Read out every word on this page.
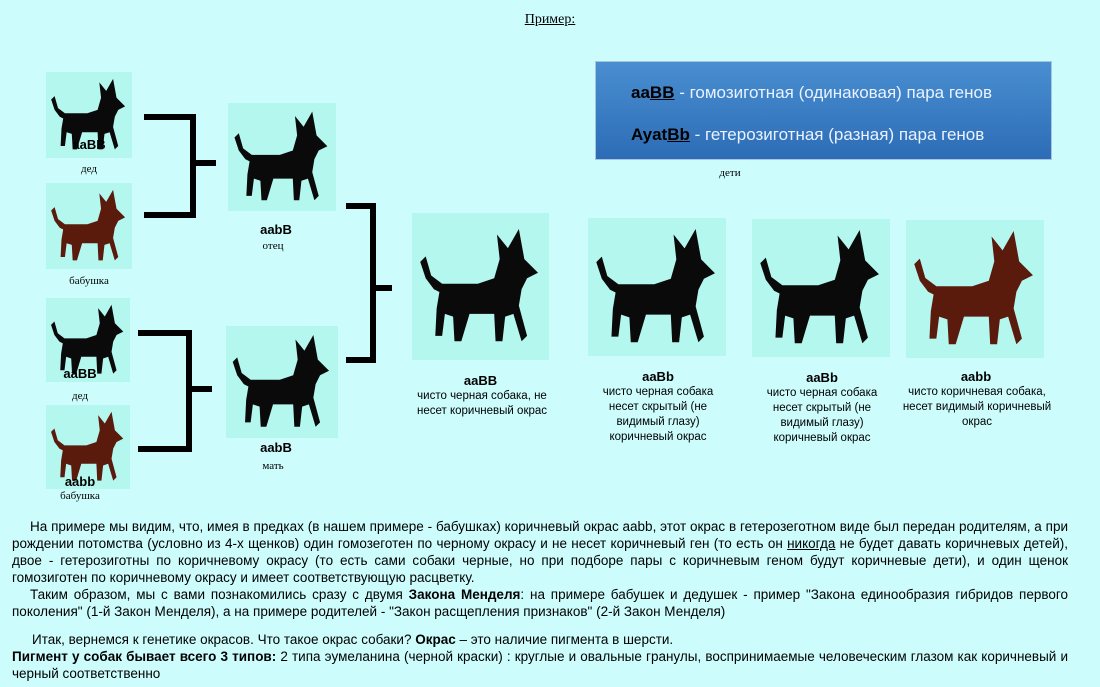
Пример:
aaBB - гомозиготная (одинаковая) пара генов
AyatBb - гетерозиготная (разная) пара генов
дети
aaBB
дед
бабушка
aabB
отец
aaBB
дед
aabb
бабушка
aabB
мать
aaBB
чисто черная собака, не несет коричневый окрас
aaBb
чисто черная собака несет скрытый (не видимый глазу) коричневый окрас
aaBb
чисто черная собака несет скрытый (не видимый глазу) коричневый окрас
aabb
чисто коричневая собака, несет видимый коричневый окрас
На примере мы видим, что, имея в предках (в нашем примере - бабушках) коричневый окрас aabb, этот окрас в гетерозеготном виде был передан родителям, а при рождении потомства (условно из 4-х щенков) один гомозеготен по черному окрасу и не несет коричневый ген (то есть он никогда не будет давать коричневых детей), двое - гетерозиготны по коричневому окрасу (то есть сами собаки черные, но при подборе пары с коричневым геном будут коричневые дети), и один щенок гомозиготен по коричневому окрасу и имеет соответствующую расцветку.
Таким образом, мы с вами познакомились сразу с двумя Закона Менделя: на примере бабушек и дедушек - пример "Закона единообразия гибридов первого поколения" (1-й Закон Менделя), а на примере родителей - "Закон расщепления признаков" (2-й Закон Менделя)
Итак, вернемся к генетике окрасов. Что такое окрас собаки? Окрас – это наличие пигмента в шерсти.
Пигмент у собак бывает всего 3 типов: 2 типа эумеланина (черной краски) : круглые и овальные гранулы, воспринимаемые человеческим глазом как коричневый и черный соответственно
